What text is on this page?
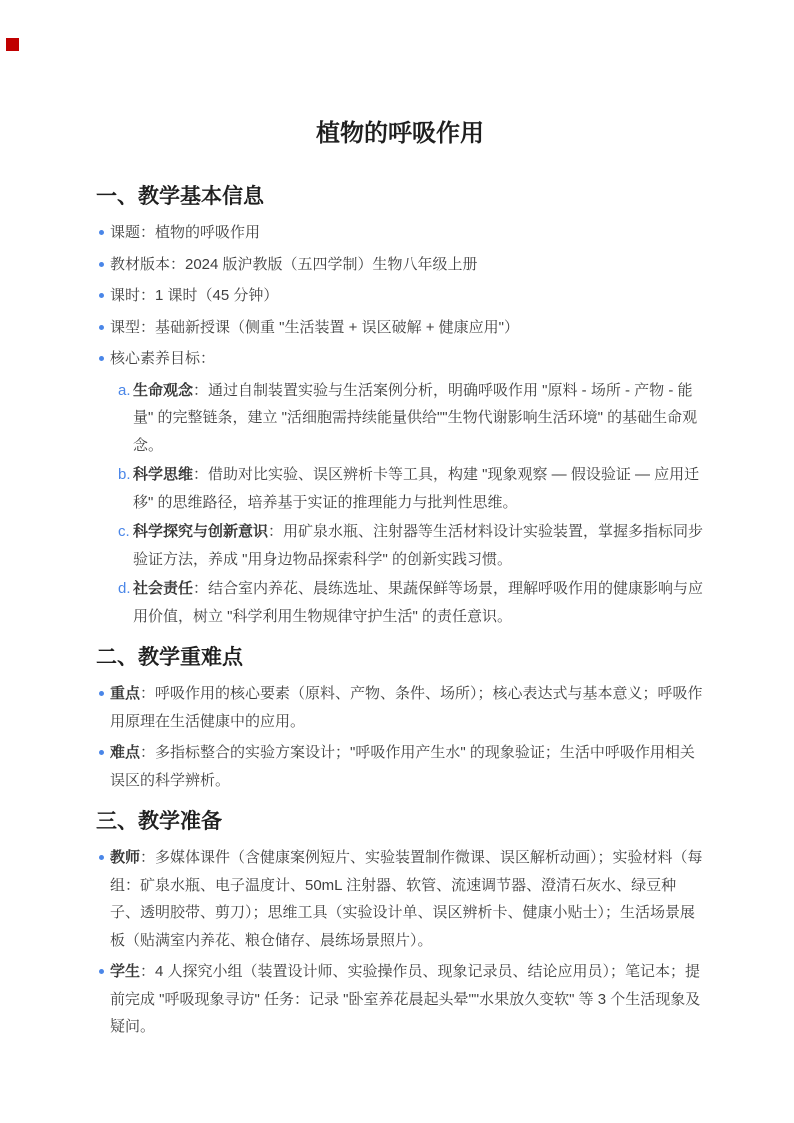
植物的呼吸作用
一、教学基本信息
课题：植物的呼吸作用
教材版本：2024 版沪教版（五四学制）生物八年级上册
课时：1 课时（45 分钟）
课型：基础新授课（侧重 "生活装置 + 误区破解 + 健康应用"）
核心素养目标：
a. 生命观念：通过自制装置实验与生活案例分析，明确呼吸作用 "原料 - 场所 - 产物 - 能量" 的完整链条，建立 "活细胞需持续能量供给""生物代谢影响生活环境" 的基础生命观念。
b. 科学思维：借助对比实验、误区辨析卡等工具，构建 "现象观察 — 假设验证 — 应用迁移" 的思维路径，培养基于实证的推理能力与批判性思维。
c. 科学探究与创新意识：用矿泉水瓶、注射器等生活材料设计实验装置，掌握多指标同步验证方法，养成 "用身边物品探索科学" 的创新实践习惯。
d. 社会责任：结合室内养花、晨练选址、果蔬保鲜等场景，理解呼吸作用的健康影响与应用价值，树立 "科学利用生物规律守护生活" 的责任意识。
二、教学重难点
重点：呼吸作用的核心要素（原料、产物、条件、场所）；核心表达式与基本意义；呼吸作用原理在生活健康中的应用。
难点：多指标整合的实验方案设计；"呼吸作用产生水" 的现象验证；生活中呼吸作用相关误区的科学辨析。
三、教学准备
教师：多媒体课件（含健康案例短片、实验装置制作微课、误区解析动画）；实验材料（每组：矿泉水瓶、电子温度计、50mL 注射器、软管、流速调节器、澄清石灰水、绿豆种子、透明胶带、剪刀）；思维工具（实验设计单、误区辨析卡、健康小贴士）；生活场景展板（贴满室内养花、粮仓储存、晨练场景照片）。
学生：4 人探究小组（装置设计师、实验操作员、现象记录员、结论应用员）；笔记本；提前完成 "呼吸现象寻访" 任务：记录 "卧室养花晨起头晕""水果放久变软" 等 3 个生活现象及疑问。
